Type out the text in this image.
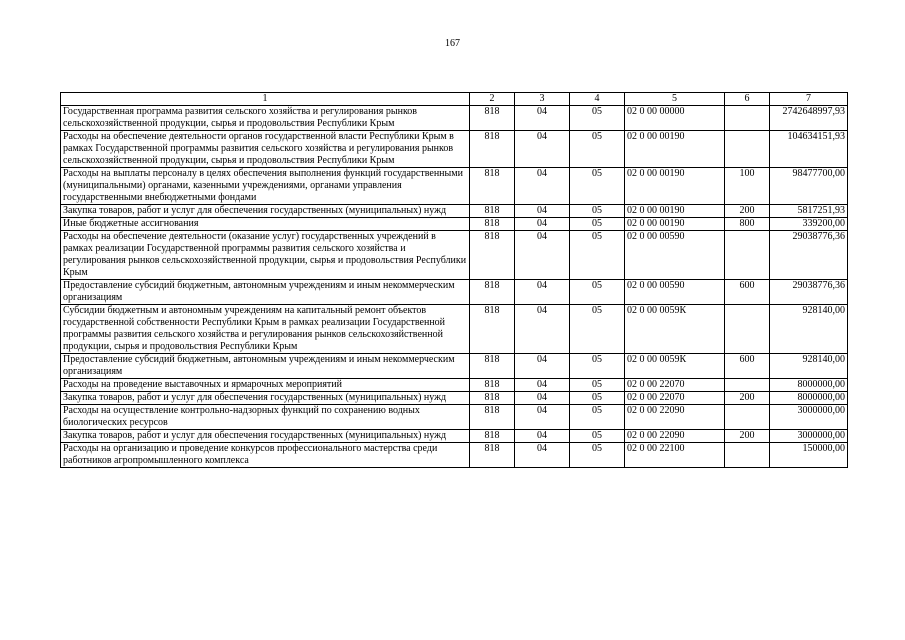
167
1	2	3	4	5	6	7
Государственная программа развития сельского хозяйства и регулирования рынков сельскохозяйственной продукции, сырья и продовольствия Республики Крым	818	04	05	02 0 00 00000		2742648997,93
Расходы на обеспечение деятельности органов государственной власти Республики Крым в рамках Государственной программы развития сельского хозяйства и регулирования рынков сельскохозяйственной продукции, сырья и продовольствия Республики Крым	818	04	05	02 0 00 00190		104634151,93
Расходы на выплаты персоналу в целях обеспечения выполнения функций государственными (муниципальными) органами, казенными учреждениями, органами управления государственными внебюджетными фондами	818	04	05	02 0 00 00190	100	98477700,00
Закупка товаров, работ и услуг для обеспечения государственных (муниципальных) нужд	818	04	05	02 0 00 00190	200	5817251,93
Иные бюджетные ассигнования	818	04	05	02 0 00 00190	800	339200,00
Расходы на обеспечение деятельности (оказание услуг) государственных учреждений в рамках реализации Государственной программы развития сельского хозяйства и регулирования рынков сельскохозяйственной продукции, сырья и продовольствия Республики Крым	818	04	05	02 0 00 00590		29038776,36
Предоставление субсидий бюджетным, автономным учреждениям и иным некоммерческим организациям	818	04	05	02 0 00 00590	600	29038776,36
Субсидии бюджетным и автономным учреждениям на капитальный ремонт объектов государственной собственности Республики Крым в рамках реализации Государственной программы развития сельского хозяйства и регулирования рынков сельскохозяйственной продукции, сырья и продовольствия Республики Крым	818	04	05	02 0 00 0059К		928140,00
Предоставление субсидий бюджетным, автономным учреждениям и иным некоммерческим организациям	818	04	05	02 0 00 0059К	600	928140,00
Расходы на проведение выставочных и ярмарочных мероприятий	818	04	05	02 0 00 22070		8000000,00
Закупка товаров, работ и услуг для обеспечения государственных (муниципальных) нужд	818	04	05	02 0 00 22070	200	8000000,00
Расходы на осуществление контрольно-надзорных функций по сохранению водных биологических ресурсов	818	04	05	02 0 00 22090		3000000,00
Закупка товаров, работ и услуг для обеспечения государственных (муниципальных) нужд	818	04	05	02 0 00 22090	200	3000000,00
Расходы на организацию и проведение конкурсов профессионального мастерства среди работников агропромышленного комплекса	818	04	05	02 0 00 22100		150000,00
